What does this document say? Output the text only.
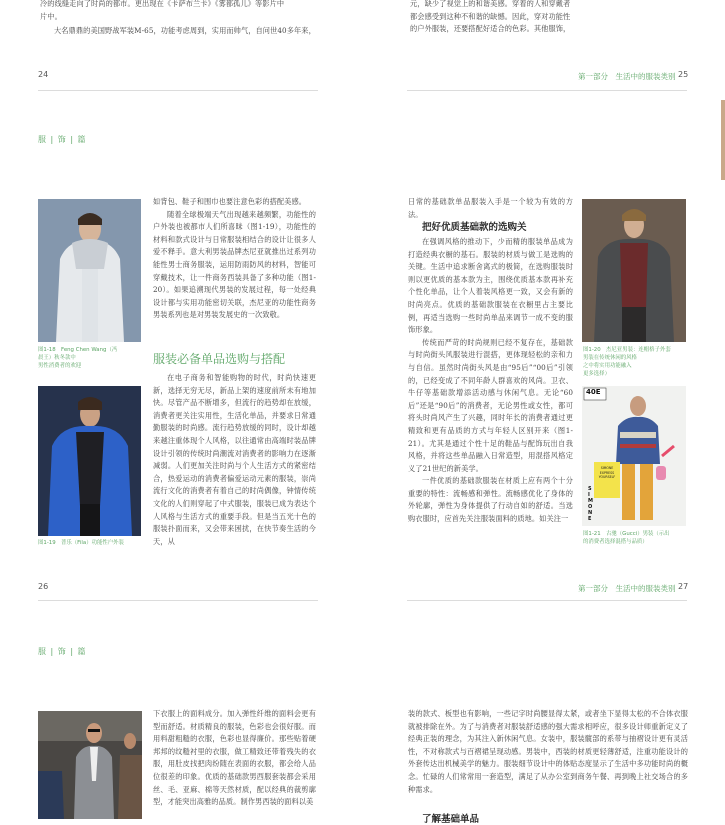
冷的线缝走向了时尚的都市。更出现在《卡萨布兰卡》《雾都孤儿》等影片中
片中。
大名鼎鼎的美国野战军装M-65，功能考虑周到，实用而帅气，自问世40多年来，
元，缺少了视觉上的和谐美感。穿着的人和穿戴者
都会感受到这种不和谐的缺憾。因此，穿对功能性
的户外服装，还要搭配好适合的色彩。其他服饰，
24	第一部分　生活中的服装类别 25
服 | 饰 | 篇
图1-18　Feng Chen Wang（冯
晨王）秋冬款中
男性消费者的欢迎
图1-19　普乐（Fila）功能性户外装
如背包、鞋子和围巾也要注意色彩的搭配美感。

随着全球极端天气出现越来越频繁，功能性的户外装也被都市人们所喜昧（图1-19），功能性的材料和款式设计与日常服装相结合的设计让很多人爱不释手。意大利男装品牌杰尼亚就推出过系列功能性男士商务服装，运用防雨防风的材料，智能可穿戴技术，让一件商务西装具备了多种功能（图1-20）。如果追溯现代男装的发展过程，每一处经典设计都与实用功能密切关联，杰尼亚的功能性商务男装系列也是对男装发展史的一次致敬。

服装必备单品选购与搭配

在电子商务和智能购物的时代，时尚快速更新，选择无穷无尽，新品上架的速度前所未有地加快。尽管产品不断增多，但流行的趋势却在放缓，消费者更关注实用性，生活化单品，并要求日常通勤服装的时尚感。流行趋势放缓的同时，设计却越来越注重体现个人风格，以往通常由高端时装品牌设计引领的传统时尚潮流对消费者的影响力在逐渐减弱。人们更加关注时尚与个人生活方式的紧密结合，热爱运动的消费者偏爱运动元素的服装，崇尚流行文化的消费者有着自己的时尚偶像，钟情传统文化的人们则穿起了中式服装，服装已成为表达个人风格与生活方式的重要手段。但是当五光十色的服装扑面而来，又会带来困扰，在快节奏生活的今天，从

日常的基础款单品服装入手是一个较为有效的方法。
把好优质基础款的选购关

在强调风格的推动下，少而精的服装单品成为打造经典衣橱的基石。服装的材质与做工是选购的关键。生活中追求断舍离式的极简，在选购服装时则以更优质的基本款为主，围绕优质基本款再补充个性化单品，让个人着装风格更一致，又会有新的时尚亮点。优质的基础款服装在衣橱里占主要比例，再适当选购一些时尚单品来调节一成不变的服饰形象。

传统而严苛的时尚规则已经不复存在，基础款与时尚街头风服装进行混搭，更体现轻松的亲和力与自信。虽然时尚街头风是由“95后”“00后”引领的，已经变成了不同年龄人群喜欢的风尚。卫衣、牛仔等基础款增添活动感与休闲气息。无论“60后”还是“90后”的消费者，无论男性或女性，都可将头时尚风产生了兴趣，同时年长的消费者通过更精致和更有品质的方式与年轻人区别开来（图1-21）。尤其是通过个性十足的鞋品与配饰玩出自我风格，并将这些单品融入日常造型，用混搭风格定义了21世纪的新美学。

一件优质的基础款服装在材质上应有两个十分重要的特性：流畅感和弹性。流畅感优化了身体的外轮廓，弹性为身体提供了行动自如的舒适。当选购衣服时，应首先关注服装面料的质地。如关注一

图1-20　杰尼亚男装：连帽格子外套
男装在传统休闲的风格
之中将实用功能融入
更多选择）
40E
SIMONE
EXPRESS
YOURSELF
S
I
M
O
N
E
图1-21　古驰（Gucci）男装（示出
的消费者选择混搭与品质）
26	第一部分　生活中的服装类别 27
服 | 饰 | 篇
下衣服上的面料成分。加入弹性纤维的面料会更有型而舒适。材质精良的服装，色彩也会很好服。而用料甜粗糙的衣服，色彩也显得廉价。那些贴着硬邦邦的纹糙衬里的衣服，做工精致还带着残失的衣服，用肚皮找把肉纷随在表面的衣服，都会给人品位很差的印象。优质的基础款男西服套装都会采用丝、毛、亚麻、棉等天然材质，配以经典的裁剪廓型，才能突出高雅的品质。制作男西装的面料以美
装的款式、板型也有影响，一些记字时尚腰显得太紧，或者坐下显得太松的不合体衣服就被排除在外。为了与消费者对服装舒适感的强大需求相呼应，很多设计师重新定义了经典正装的理念，为其注入新休闲气息。女装中，服装髋部的系带与抽褶设计更有灵活性，不对称款式与百褶裙呈现动感。男装中，西装的材质更轻薄舒适，注重功能设计的外套传达出机械美学的魅力。服装细节设计中的体贴态度显示了生活中多功能时尚的概念。忙碌的人们常常用一套造型，满足了从办公室到商务午餐、再到晚上社交场合的多种需求。
了解基础单品
